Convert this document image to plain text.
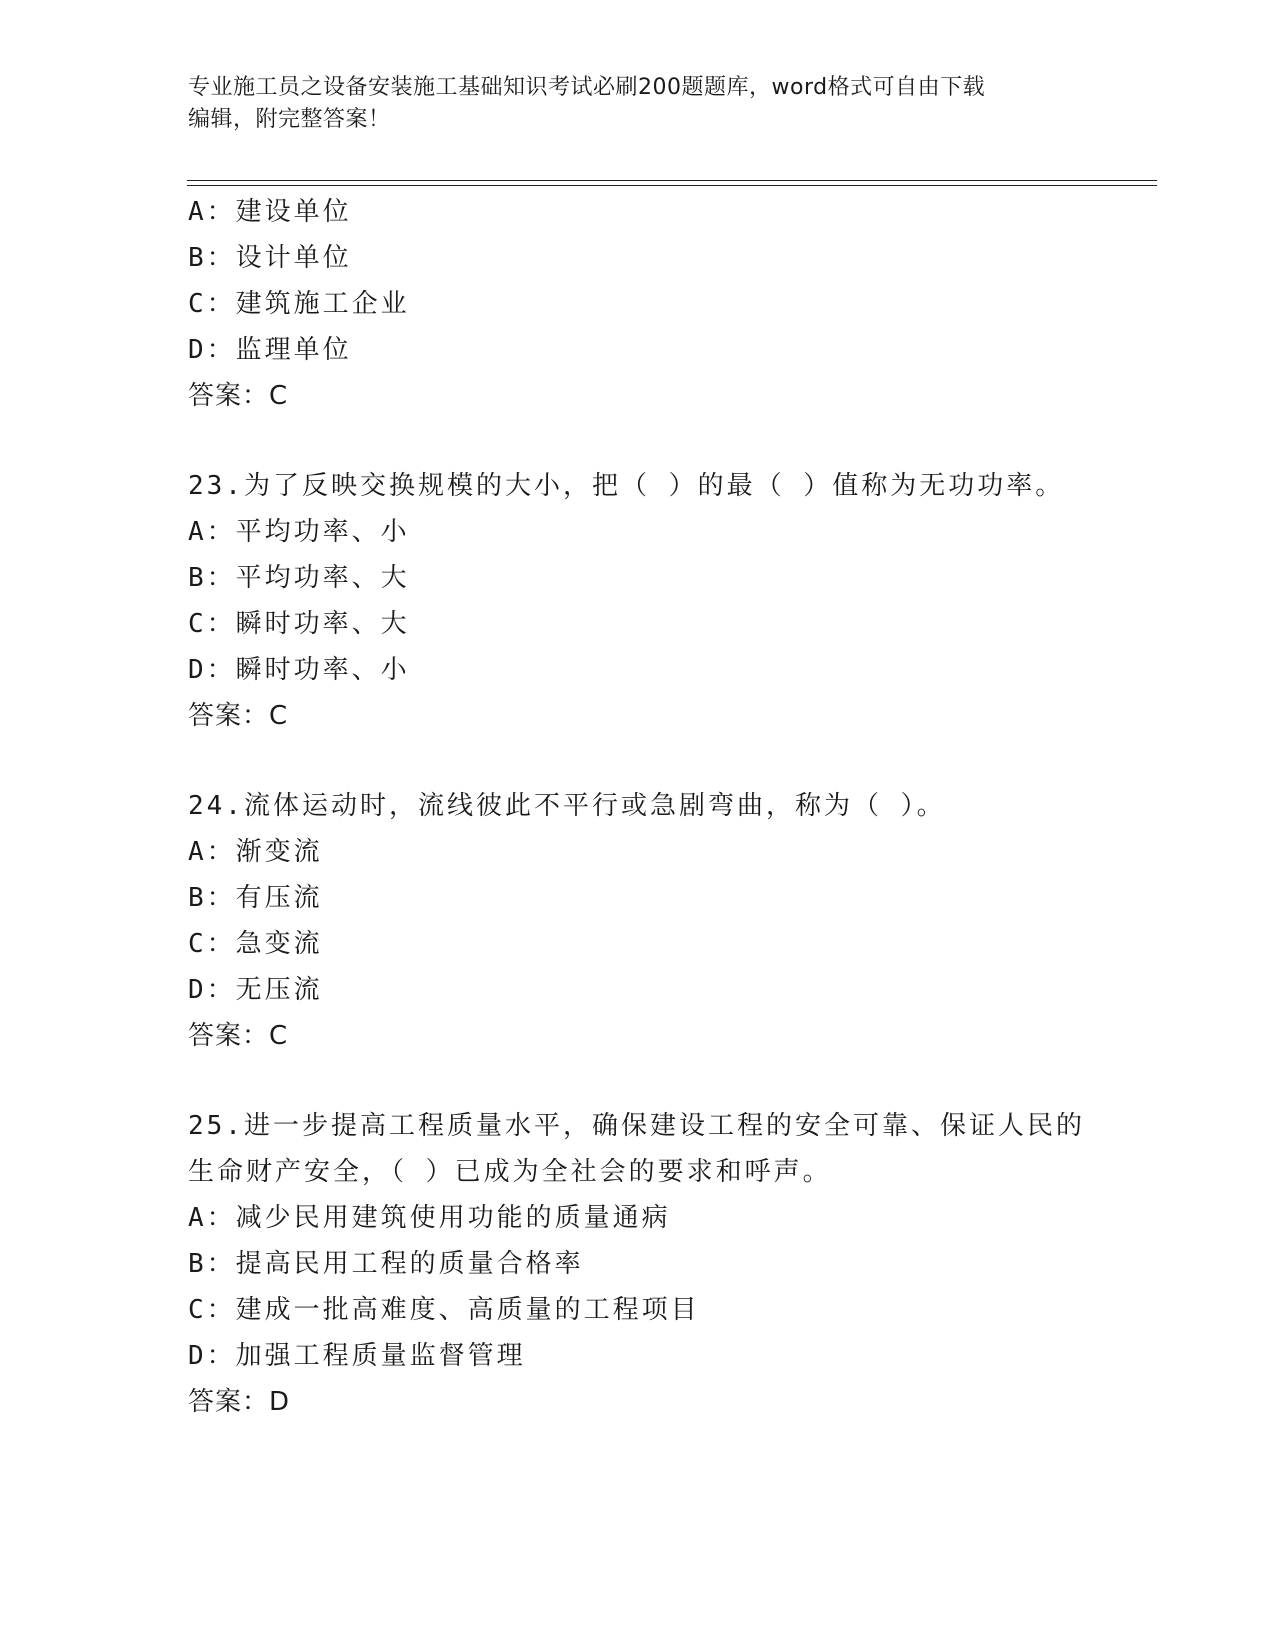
专业施工员之设备安装施工基础知识考试必刷200题题库，word格式可自由下载
编辑，附完整答案！
A：建设单位
B：设计单位
C：建筑施工企业
D：监理单位
答案：C
23.为了反映交换规模的大小，把（ ）的最（ ）值称为无功功率。
A：平均功率、小
B：平均功率、大
C：瞬时功率、大
D：瞬时功率、小
答案：C
24.流体运动时，流线彼此不平行或急剧弯曲，称为（ ）。
A：渐变流
B：有压流
C：急变流
D：无压流
答案：C
25.进一步提高工程质量水平，确保建设工程的安全可靠、保证人民的
生命财产安全，（ ）已成为全社会的要求和呼声。
A：减少民用建筑使用功能的质量通病
B：提高民用工程的质量合格率
C：建成一批高难度、高质量的工程项目
D：加强工程质量监督管理
答案：D
